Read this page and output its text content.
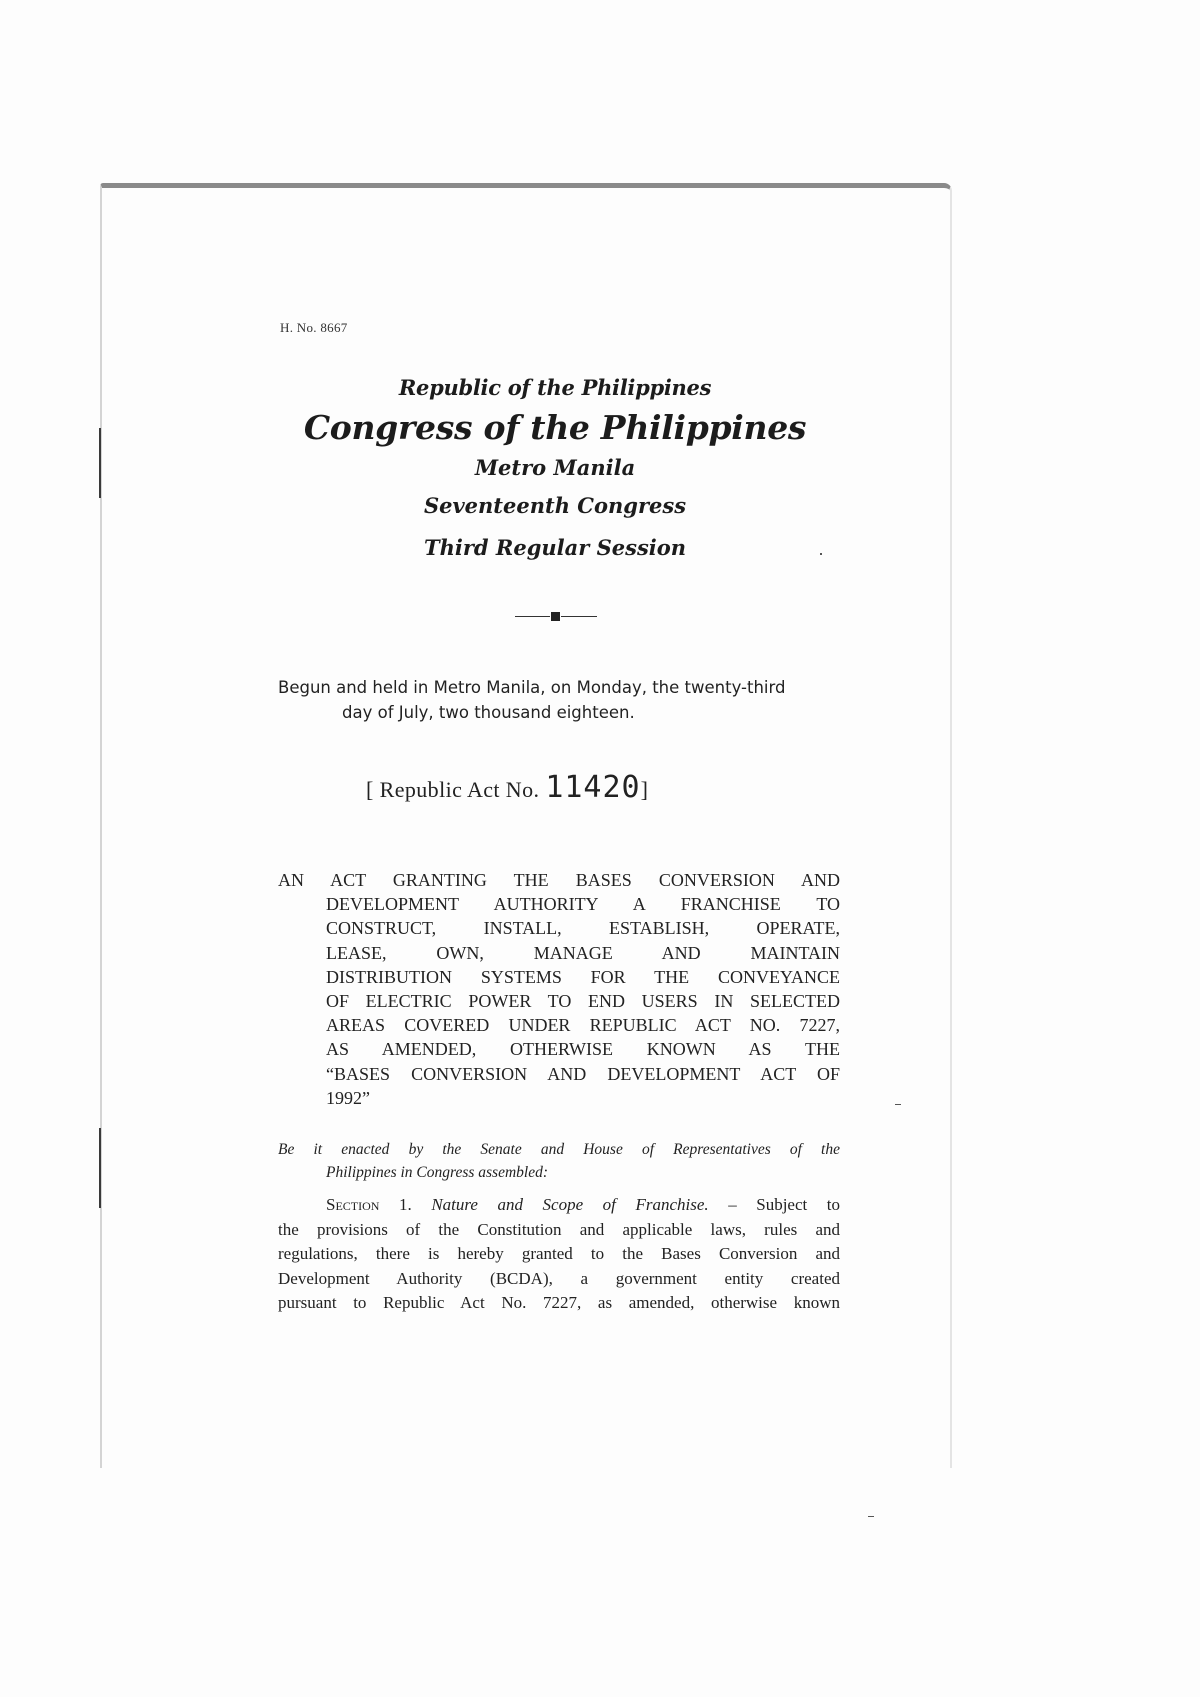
H. No. 8667
Republic of the Philippines
Congress of the Philippines
Metro Manila
Seventeenth Congress
Third Regular Session
Begun and held in Metro Manila, on Monday, the twenty-third
day of July, two thousand eighteen.
[ Republic Act No. 11420]
AN ACT GRANTING THE BASES CONVERSION AND
DEVELOPMENT AUTHORITY A FRANCHISE TO
CONSTRUCT, INSTALL, ESTABLISH, OPERATE,
LEASE, OWN, MANAGE AND MAINTAIN
DISTRIBUTION SYSTEMS FOR THE CONVEYANCE
OF ELECTRIC POWER TO END USERS IN SELECTED
AREAS COVERED UNDER REPUBLIC ACT NO. 7227,
AS AMENDED, OTHERWISE KNOWN AS THE
“BASES CONVERSION AND DEVELOPMENT ACT OF
1992”
Be it enacted by the Senate and House of Representatives of the
Philippines in Congress assembled:
Section 1. Nature and Scope of Franchise. – Subject to
the provisions of the Constitution and applicable laws, rules and
regulations, there is hereby granted to the Bases Conversion and
Development Authority (BCDA), a government entity created
pursuant to Republic Act No. 7227, as amended, otherwise known
